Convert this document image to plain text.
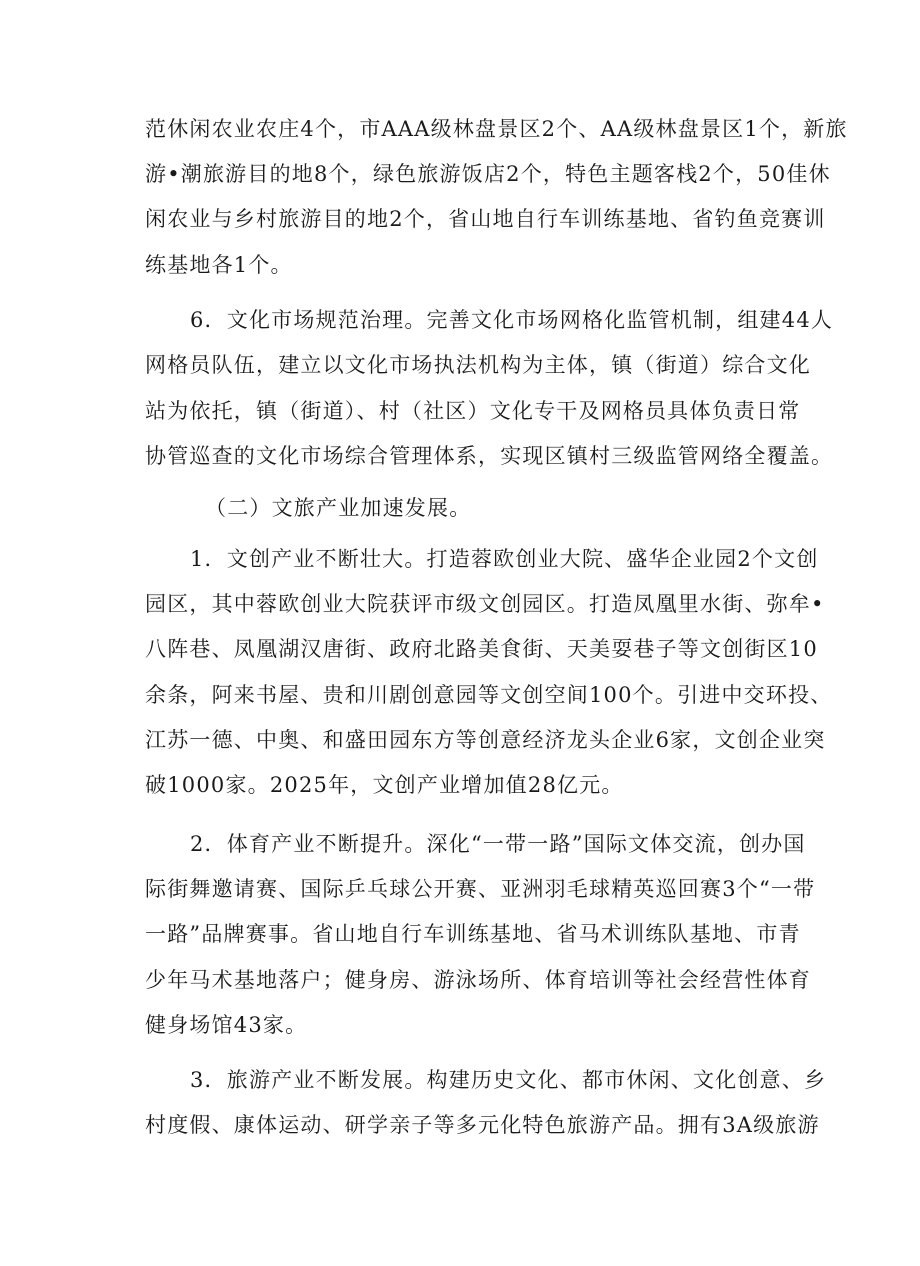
范休闲农业农庄4个，市AAA级林盘景区2个、AA级林盘景区1个，新旅
游•潮旅游目的地8个，绿色旅游饭店2个，特色主题客栈2个，50佳休
闲农业与乡村旅游目的地2个，省山地自行车训练基地、省钓鱼竞赛训
练基地各1个。
6．文化市场规范治理。完善文化市场网格化监管机制，组建44人
网格员队伍，建立以文化市场执法机构为主体，镇（街道）综合文化
站为依托，镇（街道）、村（社区）文化专干及网格员具体负责日常
协管巡查的文化市场综合管理体系，实现区镇村三级监管网络全覆盖。
（二）文旅产业加速发展。
1．文创产业不断壮大。打造蓉欧创业大院、盛华企业园2个文创
园区，其中蓉欧创业大院获评市级文创园区。打造凤凰里水街、弥牟•
八阵巷、凤凰湖汉唐街、政府北路美食街、天美耍巷子等文创街区10
余条，阿来书屋、贵和川剧创意园等文创空间100个。引进中交环投、
江苏一德、中奥、和盛田园东方等创意经济龙头企业6家，文创企业突
破1000家。2025年，文创产业增加值28亿元。
2．体育产业不断提升。深化“一带一路”国际文体交流，创办国
际街舞邀请赛、国际乒乓球公开赛、亚洲羽毛球精英巡回赛3个“一带
一路”品牌赛事。省山地自行车训练基地、省马术训练队基地、市青
少年马术基地落户；健身房、游泳场所、体育培训等社会经营性体育
健身场馆43家。
3．旅游产业不断发展。构建历史文化、都市休闲、文化创意、乡
村度假、康体运动、研学亲子等多元化特色旅游产品。拥有3A级旅游
